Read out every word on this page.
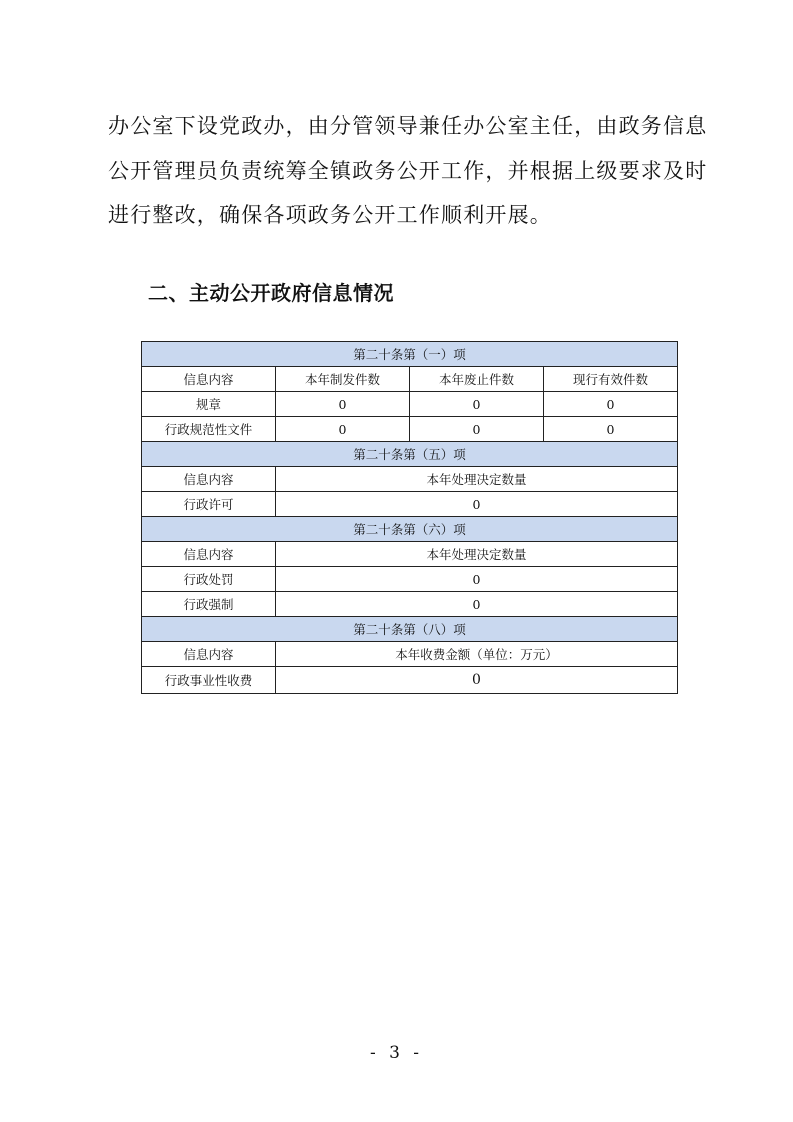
办公室下设党政办，由分管领导兼任办公室主任，由政务信息
公开管理员负责统筹全镇政务公开工作，并根据上级要求及时
进行整改，确保各项政务公开工作顺利开展。
二、主动公开政府信息情况
第二十条第（一）项			
信息内容	本年制发件数	本年废止件数	现行有效件数
规章	0	0	0
行政规范性文件	0	0	0
第二十条第（五）项			
信息内容	本年处理决定数量		
行政许可	0		
第二十条第（六）项			
信息内容	本年处理决定数量		
行政处罚	0		
行政强制	0		
第二十条第（八）项			
信息内容	本年收费金额（单位：万元）		
行政事业性收费	0		
- 3 -
